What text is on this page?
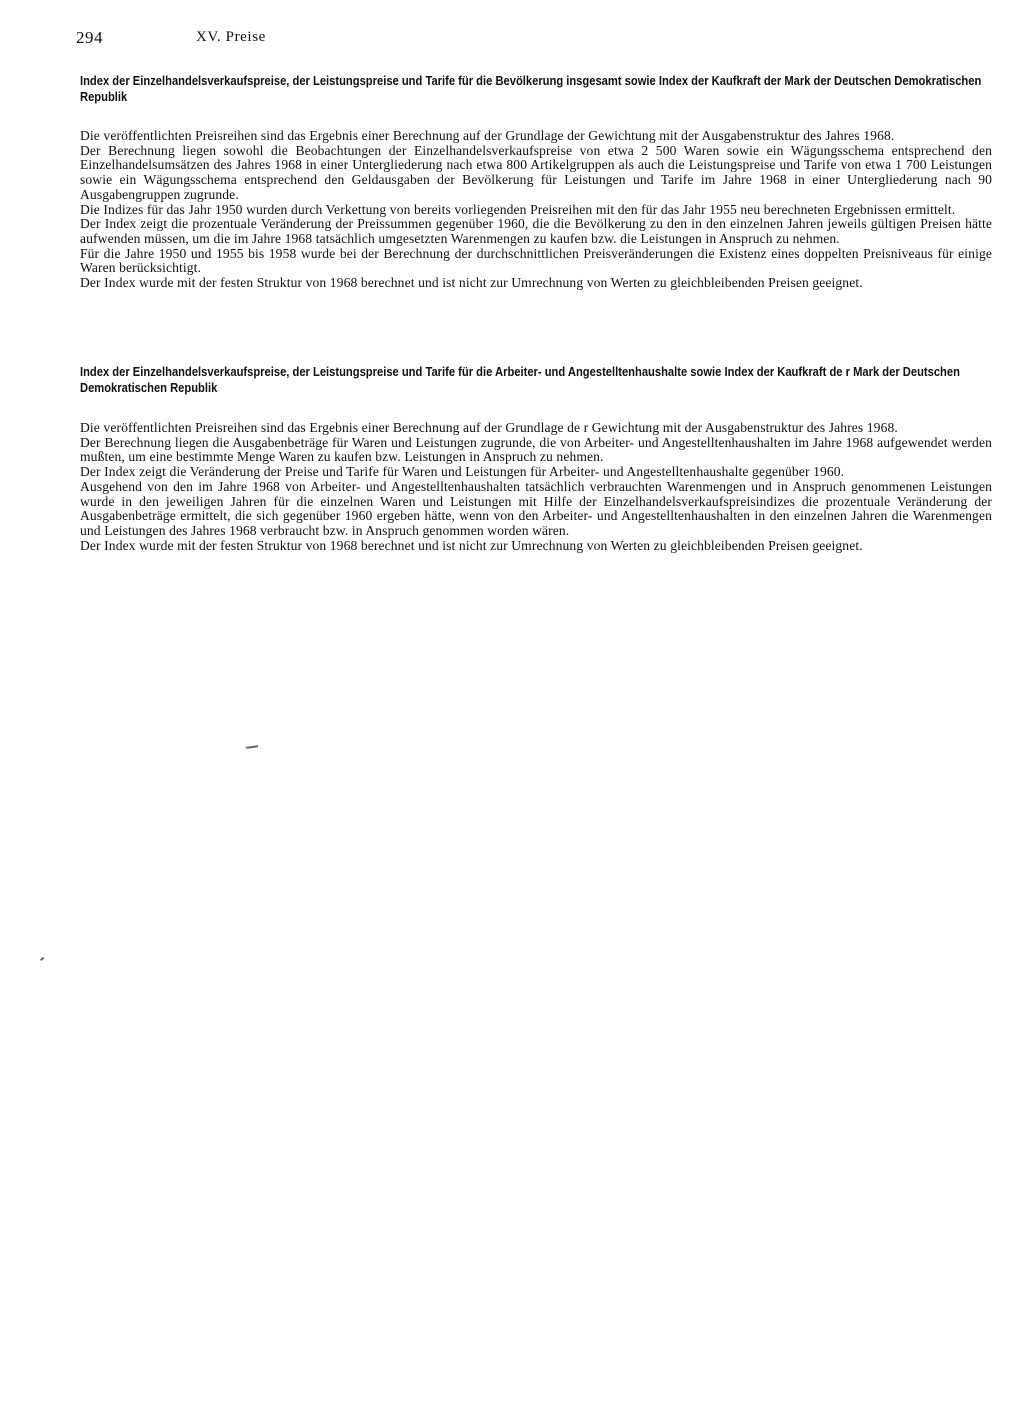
294	XV. Preise
Index der Einzelhandelsverkaufspreise, der Leistungspreise und Tarife für die Bevölkerung insgesamt sowie Index der Kaufkraft der Mark der Deutschen Demokratischen Republik

Die veröffentlichten Preisreihen sind das Ergebnis einer Berechnung auf der Grundlage der Gewichtung mit der Ausgabenstruktur des Jahres 1968.

Der Berechnung liegen sowohl die Beobachtungen der Einzelhandelsverkaufspreise von etwa 2 500 Waren sowie ein Wägungsschema entsprechend den Einzelhandelsumsätzen des Jahres 1968 in einer Untergliederung nach etwa 800 Artikelgruppen als auch die Leistungspreise und Tarife von etwa 1 700 Leistungen sowie ein Wägungsschema entsprechend den Geldausgaben der Bevölkerung für Leistungen und Tarife im Jahre 1968 in einer Untergliederung nach 90 Ausgabengruppen zugrunde.

Die Indizes für das Jahr 1950 wurden durch Verkettung von bereits vorliegenden Preisreihen mit den für das Jahr 1955 neu berechneten Ergebnissen ermittelt.

Der Index zeigt die prozentuale Veränderung der Preissummen gegenüber 1960, die die Bevölkerung zu den in den einzelnen Jahren jeweils gültigen Preisen hätte aufwenden müssen, um die im Jahre 1968 tatsächlich umgesetzten Warenmengen zu kaufen bzw. die Leistungen in Anspruch zu nehmen.

Für die Jahre 1950 und 1955 bis 1958 wurde bei der Berechnung der durchschnittlichen Preisveränderungen die Existenz eines doppelten Preisniveaus für einige Waren berücksichtigt.

Der Index wurde mit der festen Struktur von 1968 berechnet und ist nicht zur Umrechnung von Werten zu gleichbleibenden Preisen geeignet.

Index der Einzelhandelsverkaufspreise, der Leistungspreise und Tarife für die Arbeiter- und Angestelltenhaushalte sowie Index der Kaufkraft de r Mark der Deutschen Demokratischen Republik

Die veröffentlichten Preisreihen sind das Ergebnis einer Berechnung auf der Grundlage de r Gewichtung mit der Ausgabenstruktur des Jahres 1968.

Der Berechnung liegen die Ausgabenbeträge für Waren und Leistungen zugrunde, die von Arbeiter- und Angestelltenhaushalten im Jahre 1968 aufgewendet werden mußten, um eine bestimmte Menge Waren zu kaufen bzw. Leistungen in Anspruch zu nehmen.

Der Index zeigt die Veränderung der Preise und Tarife für Waren und Leistungen für Arbeiter- und Angestelltenhaushalte gegenüber 1960.

Ausgehend von den im Jahre 1968 von Arbeiter- und Angestelltenhaushalten tatsächlich verbrauchten Warenmengen und in Anspruch genommenen Leistungen wurde in den jeweiligen Jahren für die einzelnen Waren und Leistungen mit Hilfe der Einzelhandelsverkaufspreisindizes die prozentuale Veränderung der Ausgabenbeträge ermittelt, die sich gegenüber 1960 ergeben hätte, wenn von den Arbeiter- und Angestelltenhaushalten in den einzelnen Jahren die Warenmengen und Leistungen des Jahres 1968 verbraucht bzw. in Anspruch genommen worden wären.

Der Index wurde mit der festen Struktur von 1968 berechnet und ist nicht zur Umrechnung von Werten zu gleichbleibenden Preisen geeignet.
